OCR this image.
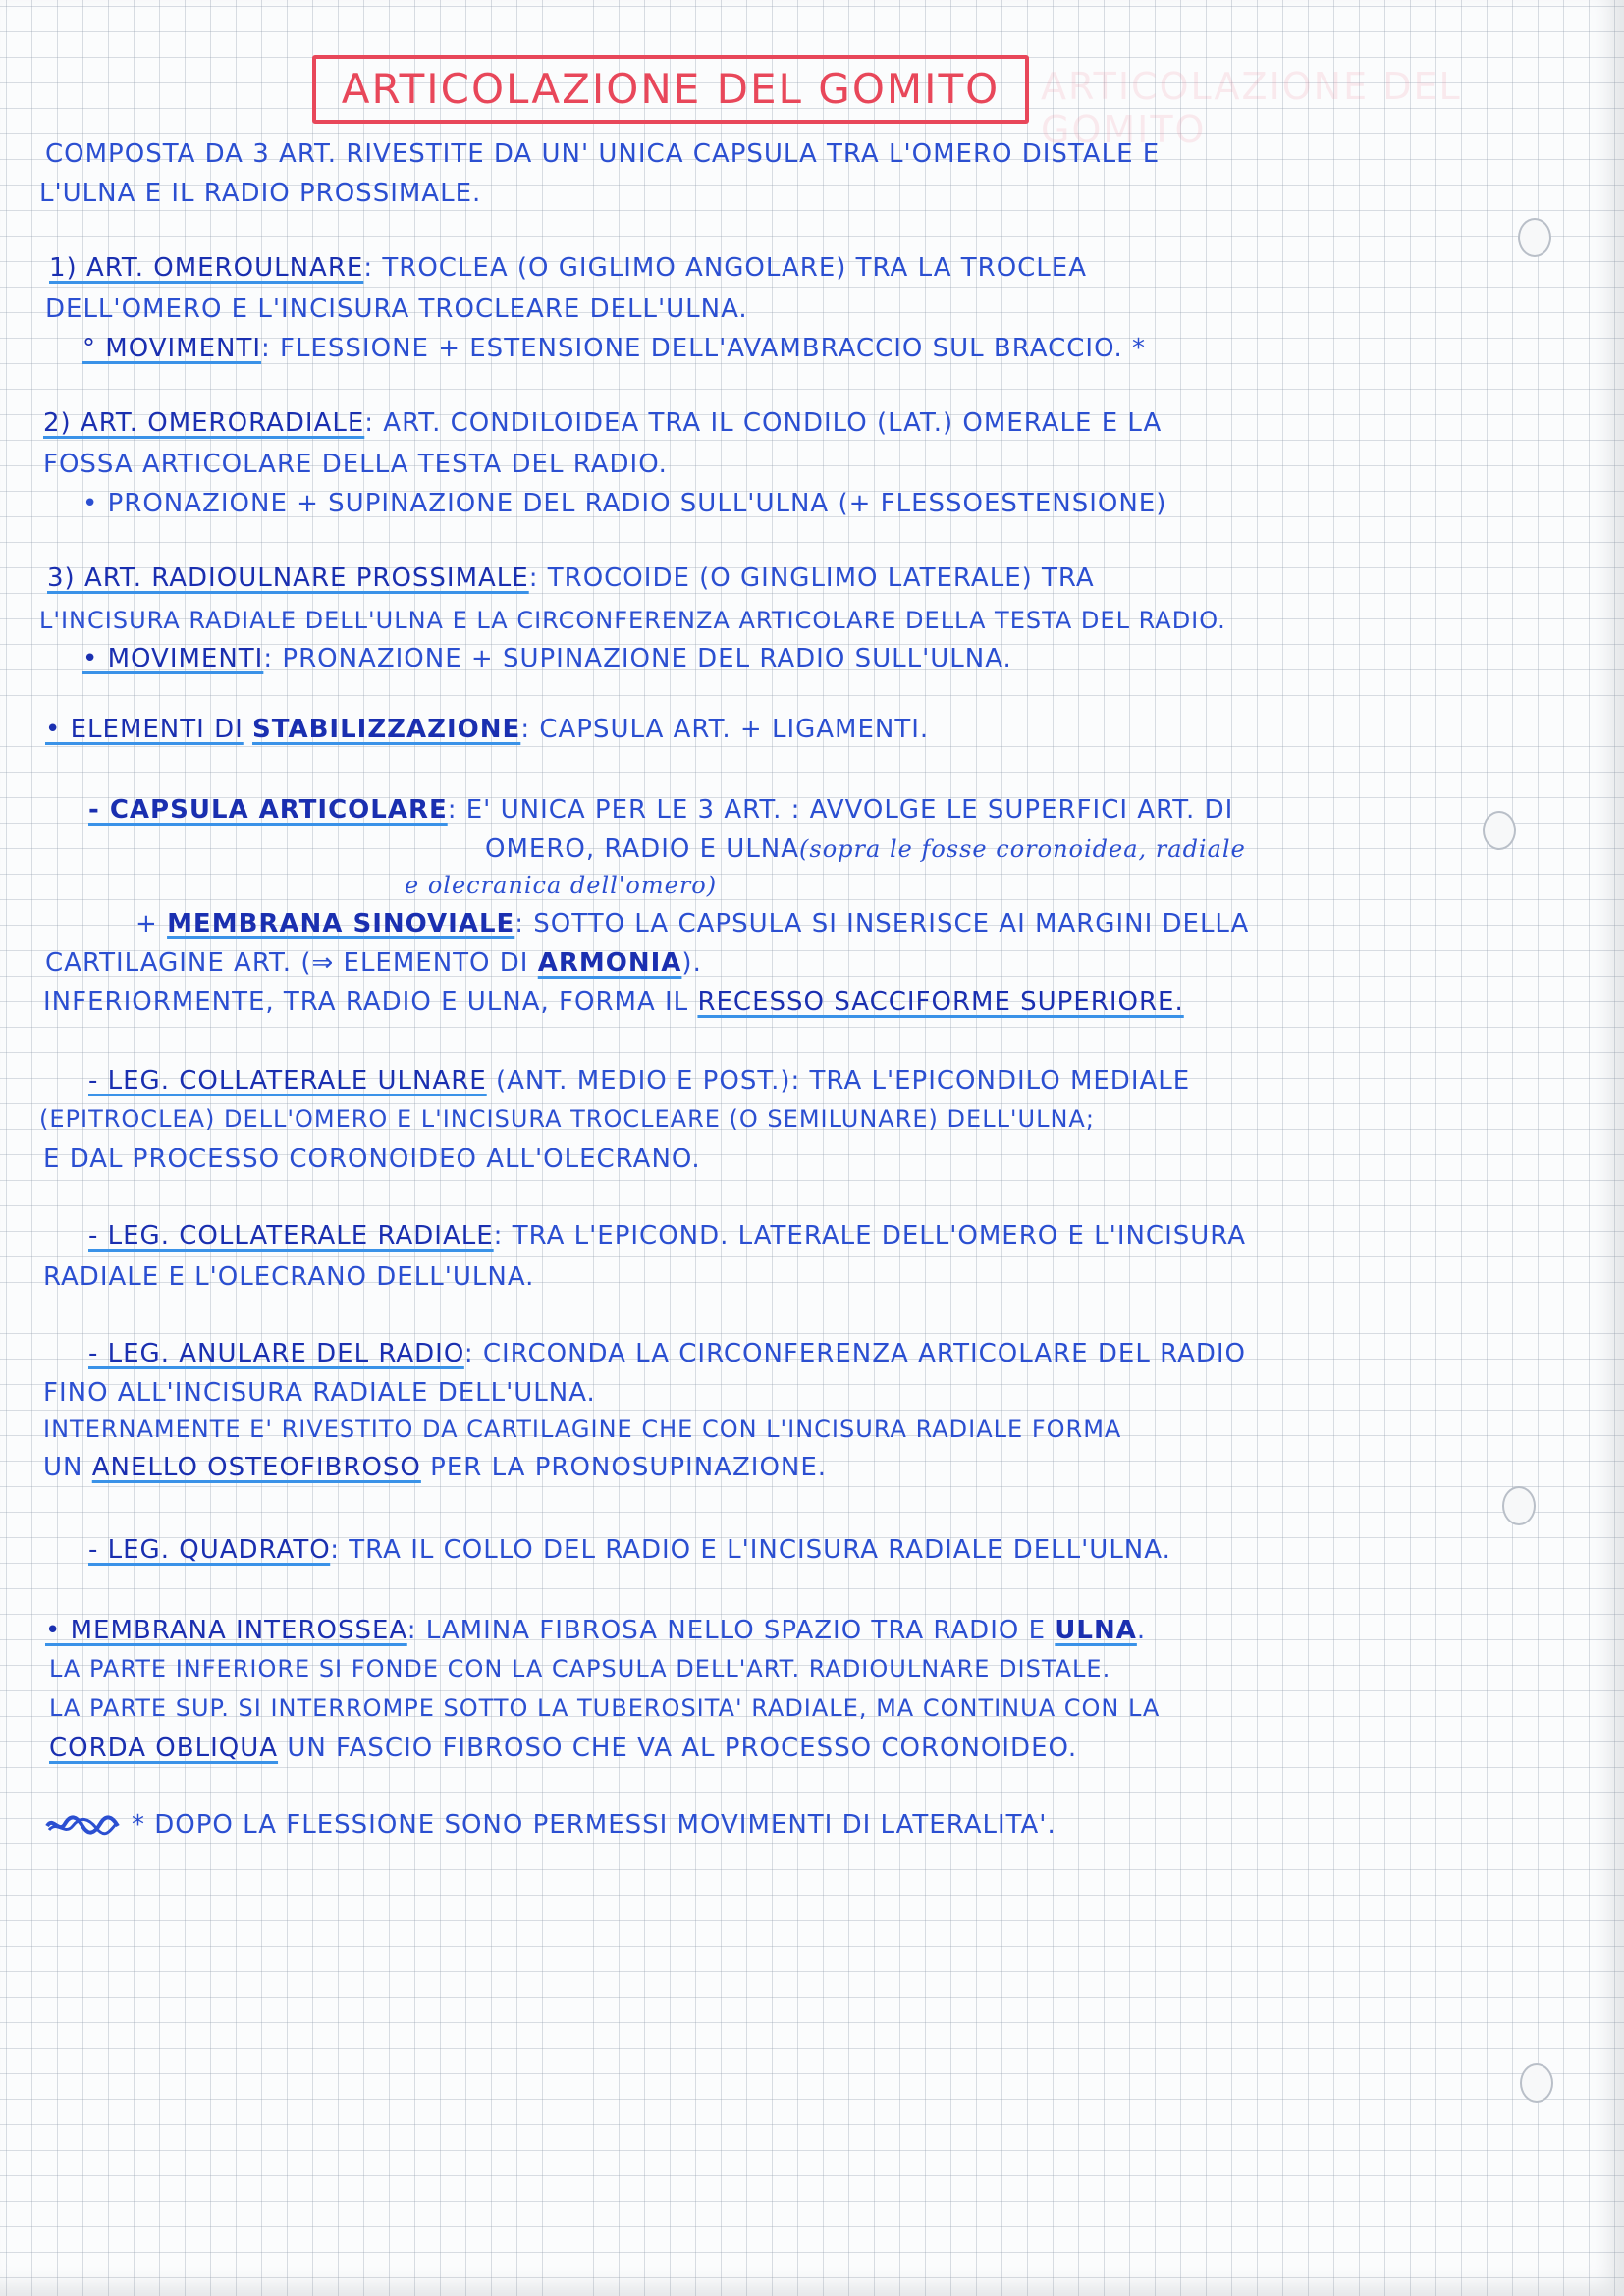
ARTICOLAZIONE DEL GOMITO	ARTICOLAZIONE DEL GOMITO
COMPOSTA DA 3 ART. RIVESTITE DA UN' UNICA CAPSULA TRA L'OMERO DISTALE E
L'ULNA E IL RADIO PROSSIMALE.
1) ART. OMEROULNARE: TROCLEA (O GIGLIMO ANGOLARE) TRA LA TROCLEA
DELL'OMERO E L'INCISURA TROCLEARE DELL'ULNA.
° MOVIMENTI: FLESSIONE + ESTENSIONE DELL'AVAMBRACCIO SUL BRACCIO. *
2) ART. OMERORADIALE: ART. CONDILOIDEA TRA IL CONDILO (LAT.) OMERALE E LA
FOSSA ARTICOLARE DELLA TESTA DEL RADIO.
• PRONAZIONE + SUPINAZIONE DEL RADIO SULL'ULNA (+ FLESSOESTENSIONE)
3) ART. RADIOULNARE PROSSIMALE: TROCOIDE (O GINGLIMO LATERALE) TRA
L'INCISURA RADIALE DELL'ULNA E LA CIRCONFERENZA ARTICOLARE DELLA TESTA DEL RADIO.
• MOVIMENTI: PRONAZIONE + SUPINAZIONE DEL RADIO SULL'ULNA.
• ELEMENTI DI STABILIZZAZIONE: CAPSULA ART. + LIGAMENTI.
- CAPSULA ARTICOLARE: E' UNICA PER LE 3 ART. : AVVOLGE LE SUPERFICI ART. DI
OMERO, RADIO E ULNA(sopra le fosse coronoidea, radiale
e olecranica dell'omero)
+ MEMBRANA SINOVIALE: SOTTO LA CAPSULA SI INSERISCE AI MARGINI DELLA
CARTILAGINE ART. (⇒ ELEMENTO DI ARMONIA).
INFERIORMENTE, TRA RADIO E ULNA, FORMA IL RECESSO SACCIFORME SUPERIORE.
- LEG. COLLATERALE ULNARE (ANT. MEDIO E POST.): TRA L'EPICONDILO MEDIALE
(EPITROCLEA) DELL'OMERO E L'INCISURA TROCLEARE (O SEMILUNARE) DELL'ULNA;
E DAL PROCESSO CORONOIDEO ALL'OLECRANO.
- LEG. COLLATERALE RADIALE: TRA L'EPICOND. LATERALE DELL'OMERO E L'INCISURA
RADIALE E L'OLECRANO DELL'ULNA.
- LEG. ANULARE DEL RADIO: CIRCONDA LA CIRCONFERENZA ARTICOLARE DEL RADIO
FINO ALL'INCISURA RADIALE DELL'ULNA.
INTERNAMENTE E' RIVESTITO DA CARTILAGINE CHE CON L'INCISURA RADIALE FORMA
UN ANELLO OSTEOFIBROSO PER LA PRONOSUPINAZIONE.
- LEG. QUADRATO: TRA IL COLLO DEL RADIO E L'INCISURA RADIALE DELL'ULNA.
• MEMBRANA INTEROSSEA: LAMINA FIBROSA NELLO SPAZIO TRA RADIO E ULNA.
LA PARTE INFERIORE SI FONDE CON LA CAPSULA DELL'ART. RADIOULNARE DISTALE.
LA PARTE SUP. SI INTERROMPE SOTTO LA TUBEROSITA' RADIALE, MA CONTINUA CON LA
CORDA OBLIQUA UN FASCIO FIBROSO CHE VA AL PROCESSO CORONOIDEO.
* DOPO LA FLESSIONE SONO PERMESSI MOVIMENTI DI LATERALITA'.
